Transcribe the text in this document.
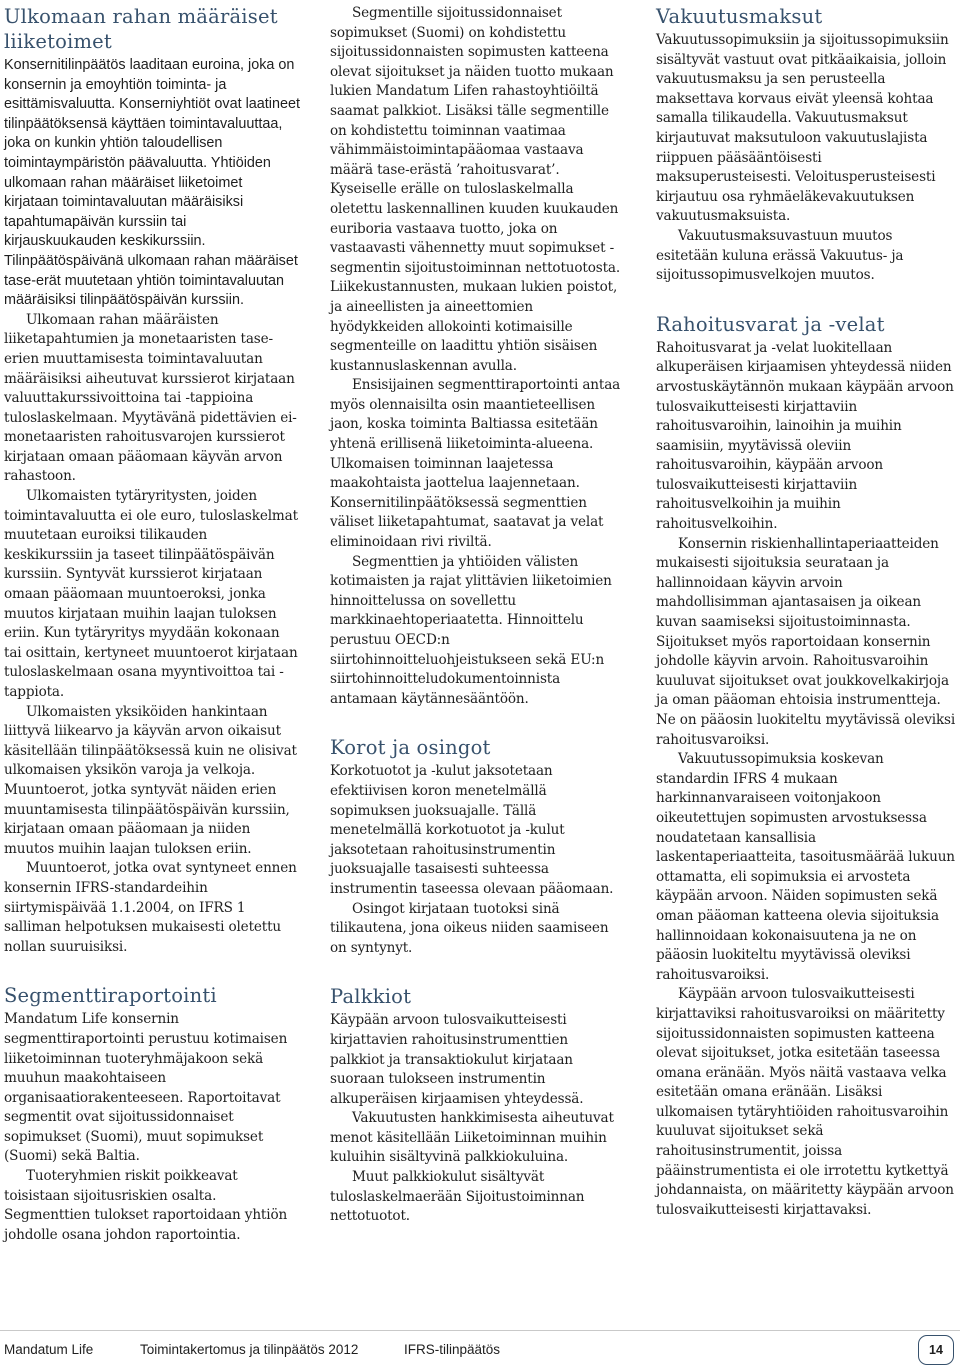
Ulkomaan rahan määräiset liiketoimet

Konsernitilinpäätös laaditaan euroina, joka on konsernin ja emoyhtiön toiminta- ja esittämisvaluutta. Konserniyhtiöt ovat laatineet tilinpäätöksensä käyttäen toimintavaluuttaa, joka on kunkin yhtiön taloudellisen toimintaympäristön päävaluutta. Yhtiöiden ulkomaan rahan määräiset liiketoimet kirjataan toimintavaluutan määräisiksi tapahtumapäivän kurssiin tai kirjauskuukauden keskikurssiin. Tilinpäätöspäivänä ulkomaan rahan määräiset tase-erät muutetaan yhtiön toimintavaluutan määräisiksi tilinpäätöspäivän kurssiin.

Ulkomaan rahan määräisten liiketapahtumien ja monetaaristen tase-erien muuttamisesta toimintavaluutan määräisiksi aiheutuvat kurssierot kirjataan valuuttakurssivoittoina tai -tappioina tuloslaskelmaan. Myytävänä pidettävien ei-monetaaristen rahoitusvarojen kurssierot kirjataan omaan pääomaan käyvän arvon rahastoon.

Ulkomaisten tytäryritysten, joiden toimintavaluutta ei ole euro, tuloslaskelmat muutetaan euroiksi tilikauden keskikurssiin ja taseet tilinpäätöspäivän kurssiin. Syntyvät kurssierot kirjataan omaan pääomaan muuntoeroksi, jonka muutos kirjataan muihin laajan tuloksen eriin. Kun tytäryritys myydään kokonaan tai osittain, kertyneet muuntoerot kirjataan tuloslaskelmaan osana myyntivoittoa tai -tappiota.

Ulkomaisten yksiköiden hankintaan liittyvä liikearvo ja käyvän arvon oikaisut käsitellään tilinpäätöksessä kuin ne olisivat ulkomaisen yksikön varoja ja velkoja. Muuntoerot, jotka syntyvät näiden erien muuntamisesta tilinpäätöspäivän kurssiin, kirjataan omaan pääomaan ja niiden muutos muihin laajan tuloksen eriin.

Muuntoerot, jotka ovat syntyneet ennen konsernin IFRS-standardeihin siirtymispäivää 1.1.2004, on IFRS 1 salliman helpotuksen mukaisesti oletettu nollan suuruisiksi.

Segmenttiraportointi

Mandatum Life konsernin segmenttiraportointi perustuu kotimaisen liiketoiminnan tuoteryhmäjakoon sekä muuhun maakohtaiseen organisaatiorakenteeseen. Raportoitavat segmentit ovat sijoitussidonnaiset sopimukset (Suomi), muut sopimukset (Suomi) sekä Baltia.

Tuoteryhmien riskit poikkeavat toisistaan sijoitusriskien osalta. Segmenttien tulokset raportoidaan yhtiön johdolle osana johdon raportointia.

Segmentille sijoitussidonnaiset sopimukset (Suomi) on kohdistettu sijoitussidonnaisten sopimusten katteena olevat sijoitukset ja näiden tuotto mukaan lukien Mandatum Lifen rahastoyhtiöiltä saamat palkkiot. Lisäksi tälle segmentille on kohdistettu toiminnan vaatimaa vähimmäistoimintapääomaa vastaava määrä tase-erästä ’rahoitusvarat’. Kyseiselle erälle on tuloslaskelmalla oletettu laskennallinen kuuden kuukauden euriboria vastaava tuotto, joka on vastaavasti vähennetty muut sopimukset -segmentin sijoitustoiminnan nettotuotosta. Liikekustannusten, mukaan lukien poistot, ja aineellisten ja aineettomien hyödykkeiden allokointi kotimaisille segmenteille on laadittu yhtiön sisäisen kustannuslaskennan avulla.

Ensisijainen segmenttiraportointi antaa myös olennaisilta osin maantieteellisen jaon, koska toiminta Baltiassa esitetään yhtenä erillisenä liiketoiminta-alueena. Ulkomaisen toiminnan laajetessa maakohtaista jaottelua laajennetaan. Konsernitilinpäätöksessä segmenttien väliset liiketapahtumat, saatavat ja velat eliminoidaan rivi riviltä.

Segmenttien ja yhtiöiden välisten kotimaisten ja rajat ylittävien liiketoimien hinnoittelussa on sovellettu markkinaehtoperiaatetta. Hinnoittelu perustuu OECD:n siirtohinnoitteluohjeistukseen sekä EU:n siirtohinnoitteludokumentoinnista antamaan käytännesääntöön.

Korot ja osingot

Korkotuotot ja -kulut jaksotetaan efektiivisen koron menetelmällä sopimuksen juoksuajalle. Tällä menetelmällä korkotuotot ja -kulut jaksotetaan rahoitusinstrumentin juoksuajalle tasaisesti suhteessa instrumentin taseessa olevaan pääomaan.

Osingot kirjataan tuotoksi sinä tilikautena, jona oikeus niiden saamiseen on syntynyt.

Palkkiot

Käypään arvoon tulosvaikutteisesti kirjattavien rahoitusinstrumenttien palkkiot ja transaktiokulut kirjataan suoraan tulokseen instrumentin alkuperäisen kirjaamisen yhteydessä.

Vakuutusten hankkimisesta aiheutuvat menot käsitellään Liiketoiminnan muihin kuluihin sisältyvinä palkkiokuluina.

Muut palkkiokulut sisältyvät tuloslaskelmaerään Sijoitustoiminnan nettotuotot.

Vakuutusmaksut

Vakuutussopimuksiin ja sijoitussopimuksiin sisältyvät vastuut ovat pitkäaikaisia, jolloin vakuutusmaksu ja sen perusteella maksettava korvaus eivät yleensä kohtaa samalla tilikaudella. Vakuutusmaksut kirjautuvat maksutuloon vakuutuslajista riippuen pääsääntöisesti maksuperusteisesti. Veloitusperusteisesti kirjautuu osa ryhmäeläkevakuutuksen vakuutusmaksuista.

Vakuutusmaksuvastuun muutos esitetään kuluna erässä Vakuutus- ja sijoitussopimusvelkojen muutos.

Rahoitusvarat ja -velat

Rahoitusvarat ja -velat luokitellaan alkuperäisen kirjaamisen yhteydessä niiden arvostuskäytännön mukaan käypään arvoon tulosvaikutteisesti kirjattaviin rahoitusvaroihin, lainoihin ja muihin saamisiin, myytävissä oleviin rahoitusvaroihin, käypään arvoon tulosvaikutteisesti kirjattaviin rahoitusvelkoihin ja muihin rahoitusvelkoihin.

Konsernin riskienhallintaperiaatteiden mukaisesti sijoituksia seurataan ja hallinnoidaan käyvin arvoin mahdollisimman ajantasaisen ja oikean kuvan saamiseksi sijoitustoiminnasta. Sijoitukset myös raportoidaan konsernin johdolle käyvin arvoin. Rahoitusvaroihin kuuluvat sijoitukset ovat joukkovelkakirjoja ja oman pääoman ehtoisia instrumentteja. Ne on pääosin luokiteltu myytävissä oleviksi rahoitusvaroiksi.

Vakuutussopimuksia koskevan standardin IFRS 4 mukaan harkinnanvaraiseen voitonjakoon oikeutettujen sopimusten arvostuksessa noudatetaan kansallisia laskentaperiaatteita, tasoitusmäärää lukuun ottamatta, eli sopimuksia ei arvosteta käypään arvoon. Näiden sopimusten sekä oman pääoman katteena olevia sijoituksia hallinnoidaan kokonaisuutena ja ne on pääosin luokiteltu myytävissä oleviksi rahoitusvaroiksi.

Käypään arvoon tulosvaikutteisesti kirjattaviksi rahoitusvaroiksi on määritetty sijoitussidonnaisten sopimusten katteena olevat sijoitukset, jotka esitetään taseessa omana eränään. Myös näitä vastaava velka esitetään omana eränään. Lisäksi ulkomaisen tytäryhtiöiden rahoitusvaroihin kuuluvat sijoitukset sekä rahoitusinstrumentit, joissa pääinstrumentista ei ole irrotettu kytkettyä johdannaista, on määritetty käypään arvoon tulosvaikutteisesti kirjattavaksi.

Mandatum Life	Toimintakertomus ja tilinpäätös 2012	IFRS-tilinpäätös	14
